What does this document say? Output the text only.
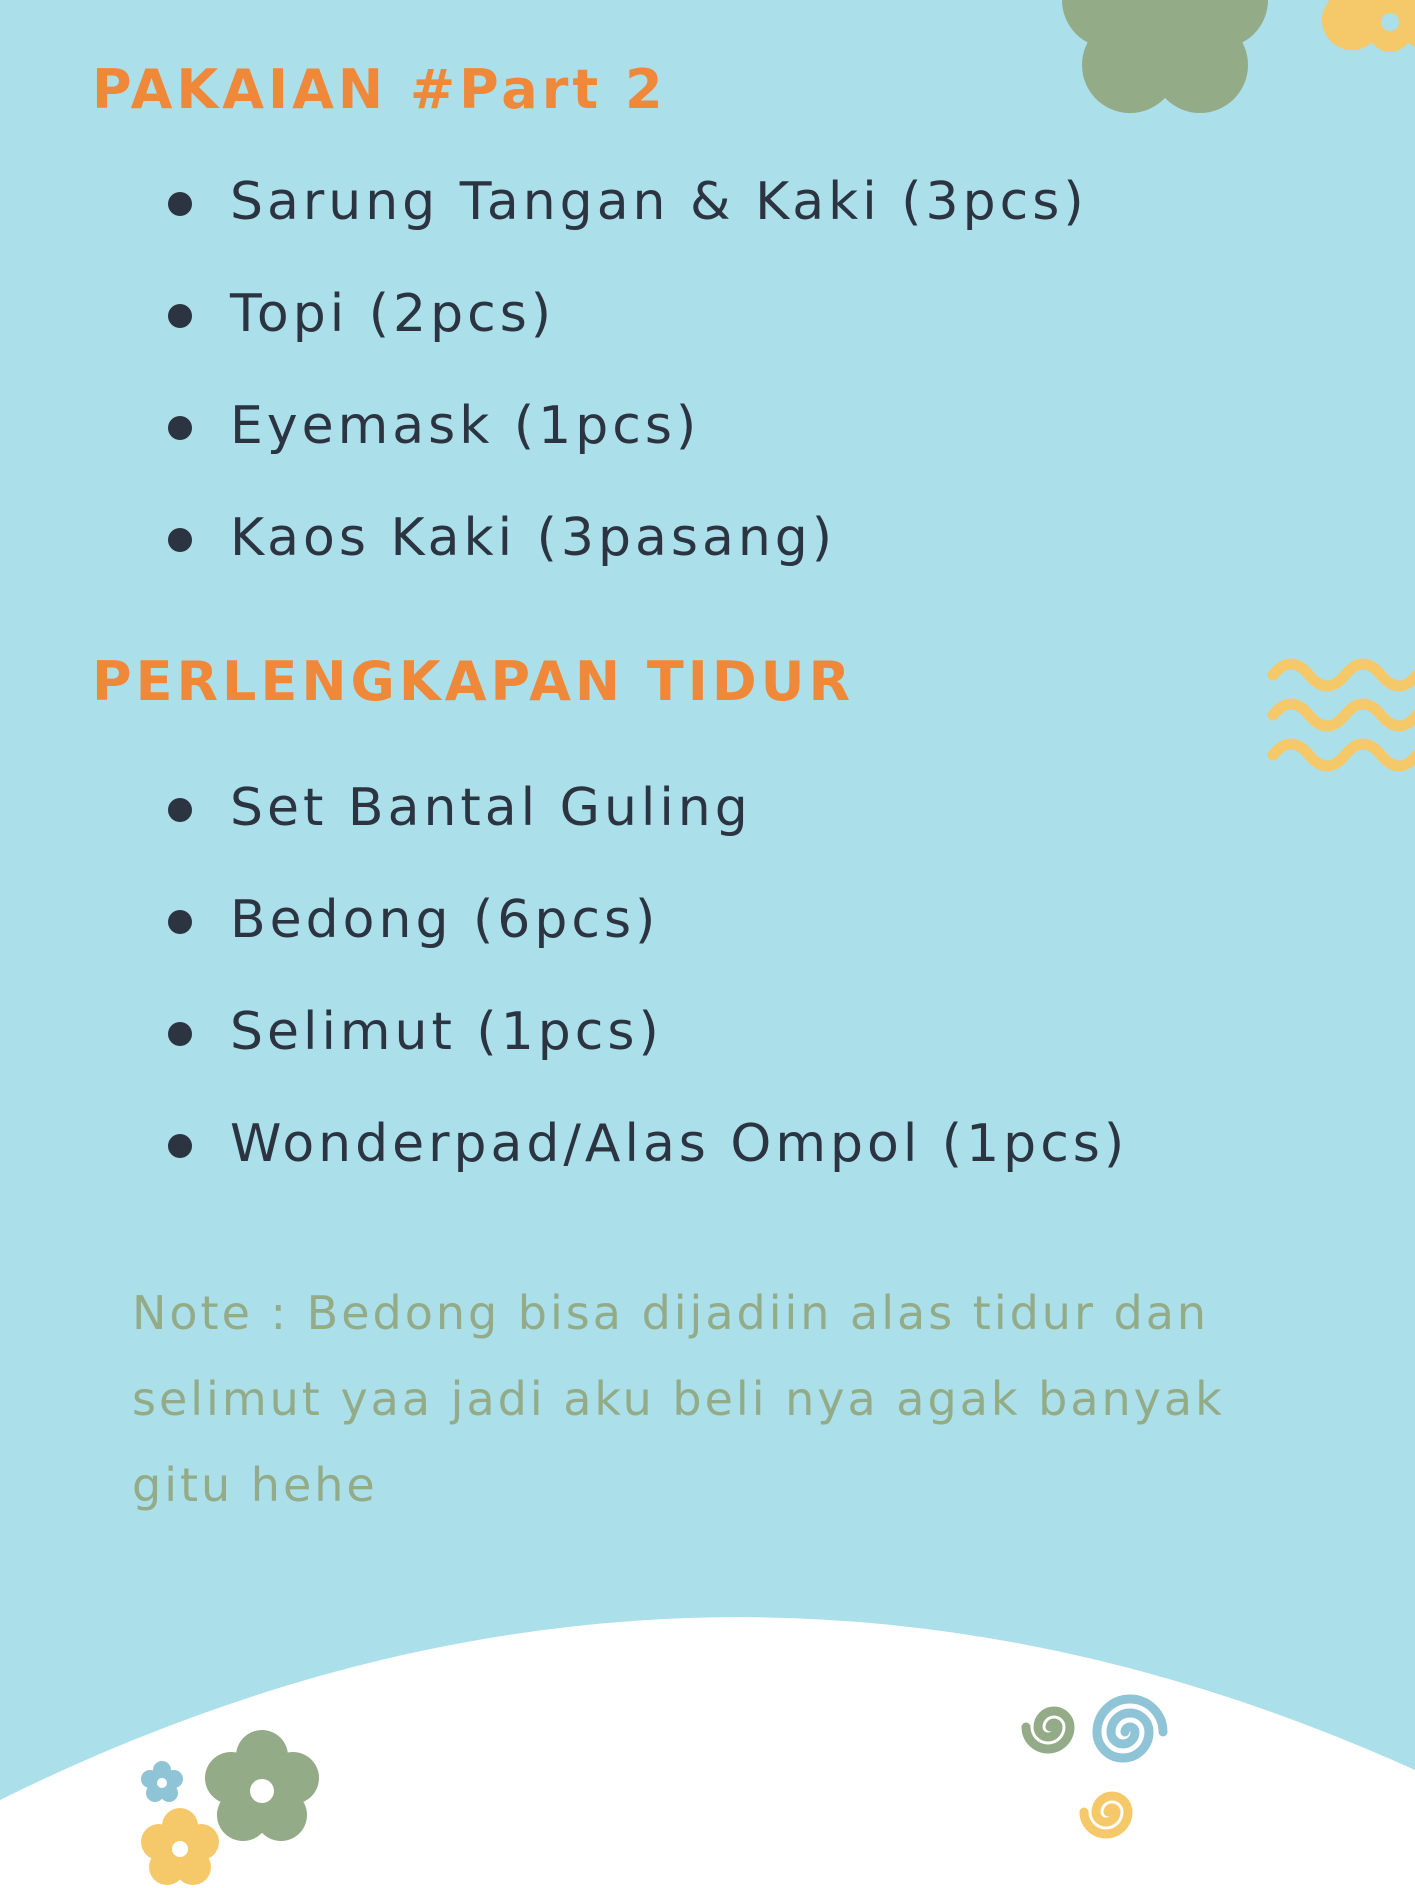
PAKAIAN #Part 2
Sarung Tangan & Kaki (3pcs)
Topi (2pcs)
Eyemask (1pcs)
Kaos Kaki (3pasang)
PERLENGKAPAN TIDUR
Set Bantal Guling
Bedong (6pcs)
Selimut (1pcs)
Wonderpad/Alas Ompol (1pcs)

Note : Bedong bisa dijadiin alas tidur dan selimut yaa jadi aku beli nya agak banyak gitu hehe
